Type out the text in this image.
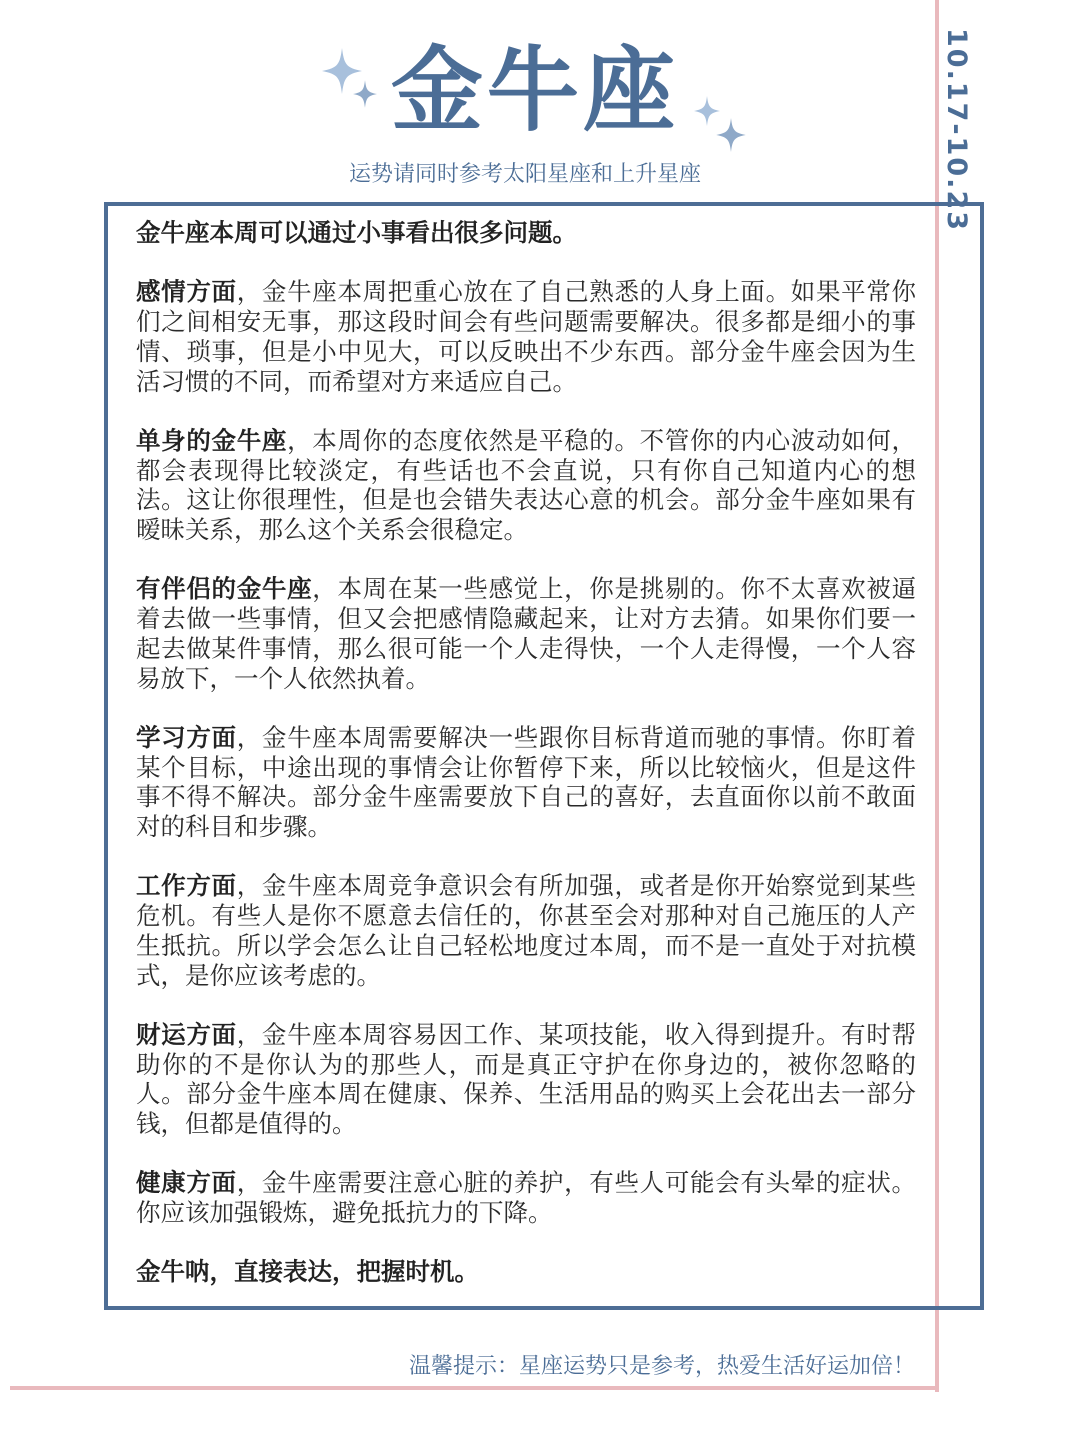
10.17-10.23
金牛座
运势请同时参考太阳星座和上升星座

金牛座本周可以通过小事看出很多问题。

感情方面，金牛座本周把重心放在了自己熟悉的人身上面。如果平常你们之间相安无事，那这段时间会有些问题需要解决。很多都是细小的事情、琐事，但是小中见大，可以反映出不少东西。部分金牛座会因为生活习惯的不同，而希望对方来适应自己。

单身的金牛座，本周你的态度依然是平稳的。不管你的内心波动如何，都会表现得比较淡定，有些话也不会直说，只有你自己知道内心的想法。这让你很理性，但是也会错失表达心意的机会。部分金牛座如果有暧昧关系，那么这个关系会很稳定。

有伴侣的金牛座，本周在某一些感觉上，你是挑剔的。你不太喜欢被逼着去做一些事情，但又会把感情隐藏起来，让对方去猜。如果你们要一起去做某件事情，那么很可能一个人走得快，一个人走得慢，一个人容易放下，一个人依然执着。

学习方面，金牛座本周需要解决一些跟你目标背道而驰的事情。你盯着某个目标，中途出现的事情会让你暂停下来，所以比较恼火，但是这件事不得不解决。部分金牛座需要放下自己的喜好，去直面你以前不敢面对的科目和步骤。

工作方面，金牛座本周竞争意识会有所加强，或者是你开始察觉到某些危机。有些人是你不愿意去信任的，你甚至会对那种对自己施压的人产生抵抗。所以学会怎么让自己轻松地度过本周，而不是一直处于对抗模式，是你应该考虑的。

财运方面，金牛座本周容易因工作、某项技能，收入得到提升。有时帮助你的不是你认为的那些人，而是真正守护在你身边的，被你忽略的人。部分金牛座本周在健康、保养、生活用品的购买上会花出去一部分钱，但都是值得的。

健康方面，金牛座需要注意心脏的养护，有些人可能会有头晕的症状。你应该加强锻炼，避免抵抗力的下降。

金牛呐，直接表达，把握时机。

温馨提示：星座运势只是参考，热爱生活好运加倍！
